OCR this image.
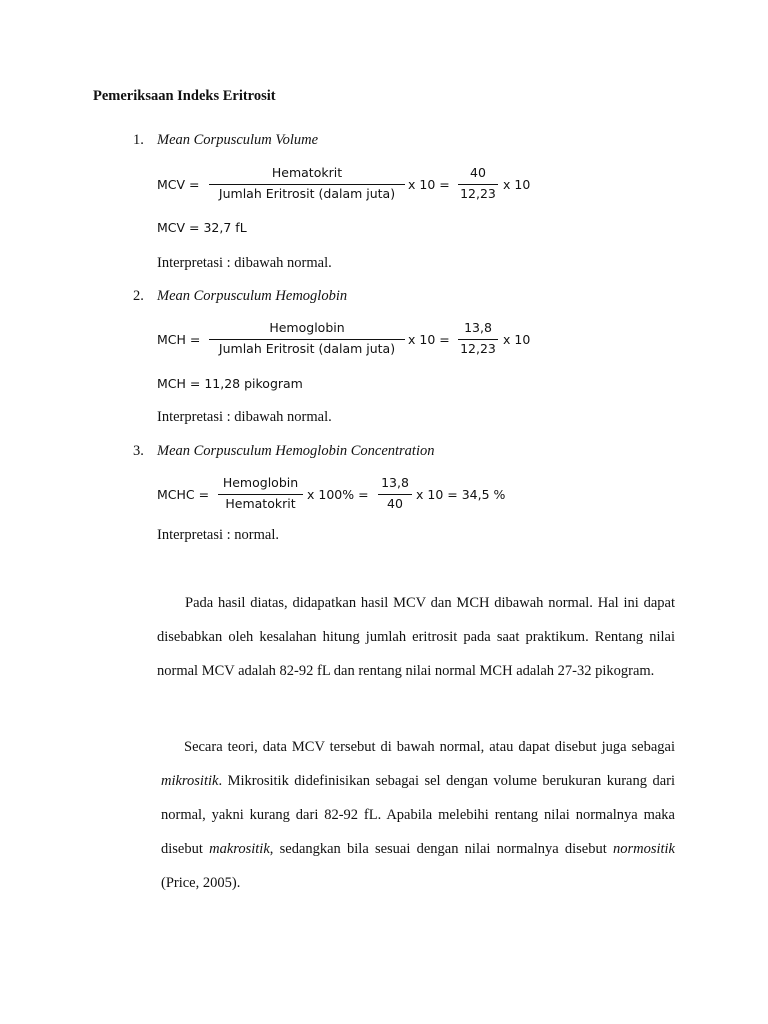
Pemeriksaan Indeks Eritrosit
1. Mean Corpusculum Volume
MCV =
Hematokrit
Jumlah Eritrosit (dalam juta)
x 10 =
40
12,23
x 10
MCV = 32,7 fL
Interpretasi : dibawah normal.
2. Mean Corpusculum Hemoglobin
MCH =
Hemoglobin
Jumlah Eritrosit (dalam juta)
x 10 =
13,8
12,23
x 10
MCH = 11,28 pikogram
Interpretasi : dibawah normal.
3. Mean Corpusculum Hemoglobin Concentration
MCHC =
Hemoglobin
Hematokrit
x 100% =
13,8
40
x 10 = 34,5 %
Interpretasi : normal.
Pada hasil diatas, didapatkan hasil MCV dan MCH dibawah normal. Hal ini dapat disebabkan oleh kesalahan hitung jumlah eritrosit pada saat praktikum. Rentang nilai normal MCV adalah 82-92 fL dan rentang nilai normal MCH adalah 27-32 pikogram.
Secara teori, data MCV tersebut di bawah normal, atau dapat disebut juga sebagai mikrositik. Mikrositik didefinisikan sebagai sel dengan volume berukuran kurang dari normal, yakni kurang dari 82-92 fL. Apabila melebihi rentang nilai normalnya maka disebut makrositik, sedangkan bila sesuai dengan nilai normalnya disebut normositik (Price, 2005).
